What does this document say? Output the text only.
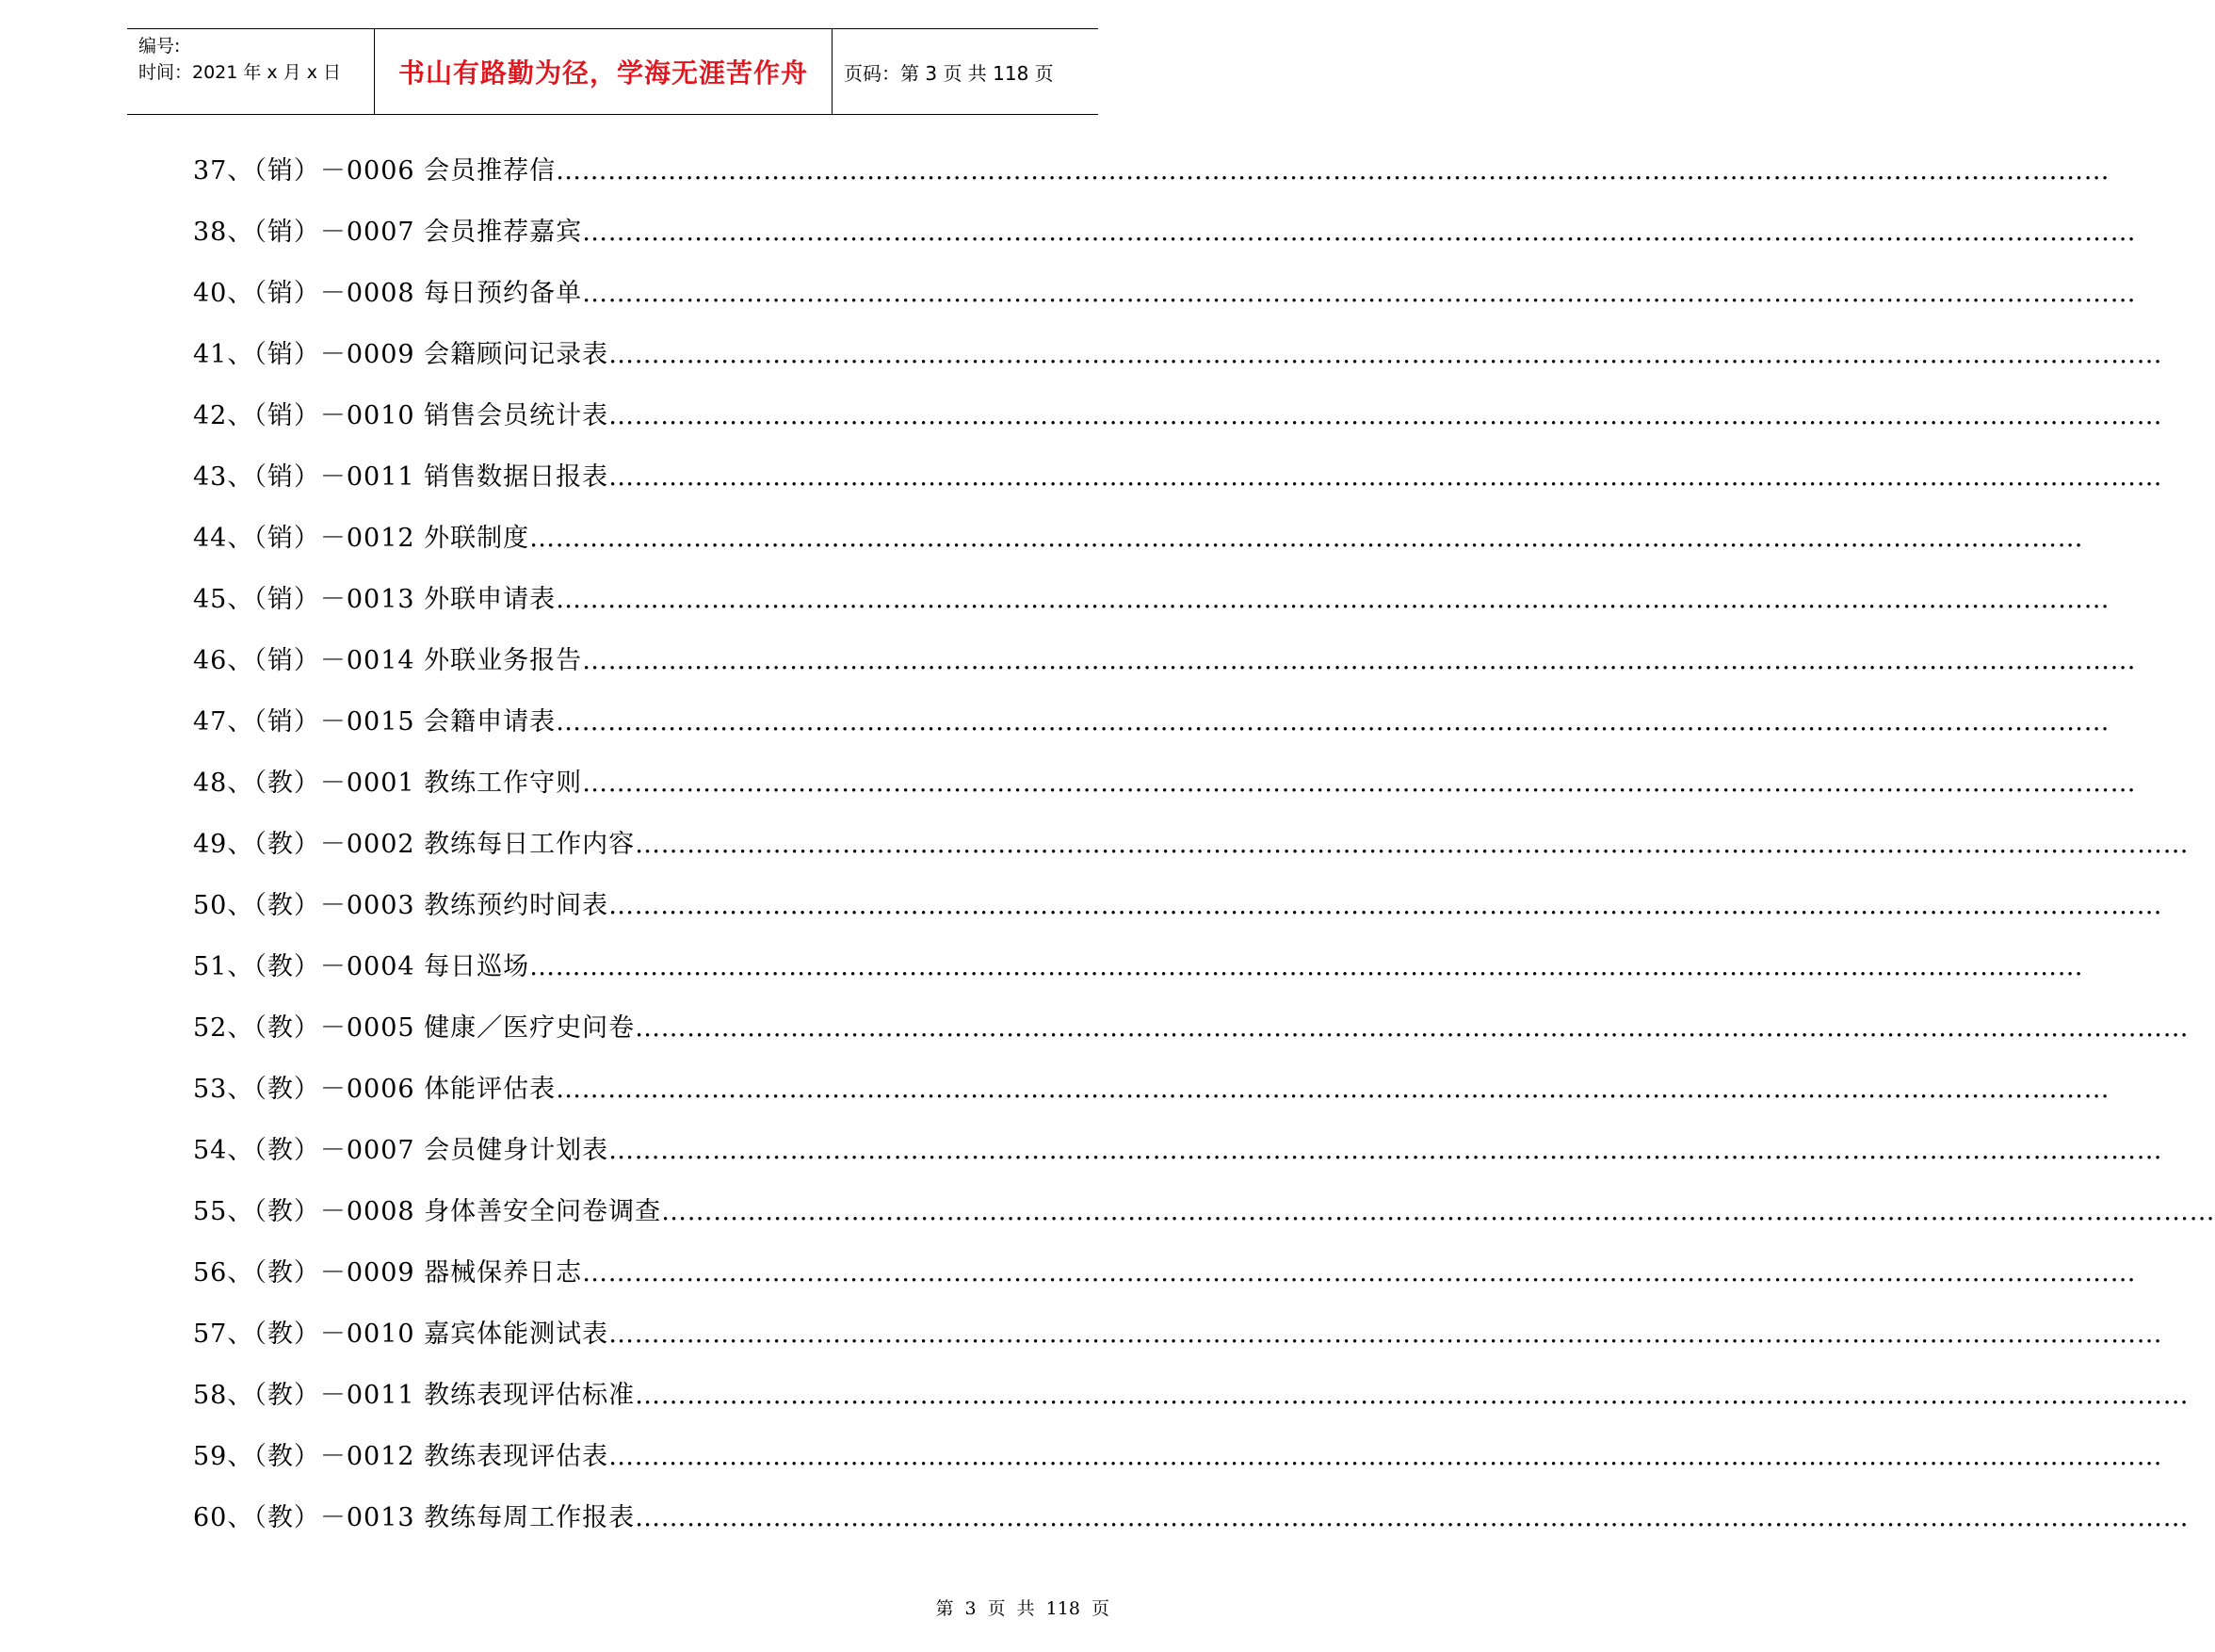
编号:
时间：2021 年 x 月 x 日	书山有路勤为径，学海无涯苦作舟	页码：第 3 页 共 118 页
37、（销）－0006 会员推荐信 ………………………………………………………………………………………………………………………………………………………………
38、（销）－0007 会员推荐嘉宾 ………………………………………………………………………………………………………………………………………………………………
40、（销）－0008 每日预约备单 ………………………………………………………………………………………………………………………………………………………………
41、（销）－0009 会籍顾问记录表 ………………………………………………………………………………………………………………………………………………………………
42、（销）－0010 销售会员统计表 ………………………………………………………………………………………………………………………………………………………………
43、（销）－0011 销售数据日报表 ………………………………………………………………………………………………………………………………………………………………
44、（销）－0012 外联制度 ………………………………………………………………………………………………………………………………………………………………
45、（销）－0013 外联申请表 ………………………………………………………………………………………………………………………………………………………………
46、（销）－0014 外联业务报告 ………………………………………………………………………………………………………………………………………………………………
47、（销）－0015 会籍申请表 ………………………………………………………………………………………………………………………………………………………………
48、（教）－0001 教练工作守则 ………………………………………………………………………………………………………………………………………………………………
49、（教）－0002 教练每日工作内容 ………………………………………………………………………………………………………………………………………………………………
50、（教）－0003 教练预约时间表 ………………………………………………………………………………………………………………………………………………………………
51、（教）－0004 每日巡场 ………………………………………………………………………………………………………………………………………………………………
52、（教）－0005 健康／医疗史问卷 ………………………………………………………………………………………………………………………………………………………………
53、（教）－0006 体能评估表 ………………………………………………………………………………………………………………………………………………………………
54、（教）－0007 会员健身计划表 ………………………………………………………………………………………………………………………………………………………………
55、（教）－0008 身体善安全问卷调查 ………………………………………………………………………………………………………………………………………………………………
56、（教）－0009 器械保养日志 ………………………………………………………………………………………………………………………………………………………………
57、（教）－0010 嘉宾体能测试表 ………………………………………………………………………………………………………………………………………………………………
58、（教）－0011 教练表现评估标准 ………………………………………………………………………………………………………………………………………………………………
59、（教）－0012 教练表现评估表 ………………………………………………………………………………………………………………………………………………………………
60、（教）－0013 教练每周工作报表 ………………………………………………………………………………………………………………………………………………………………
第 3 页 共 118 页
